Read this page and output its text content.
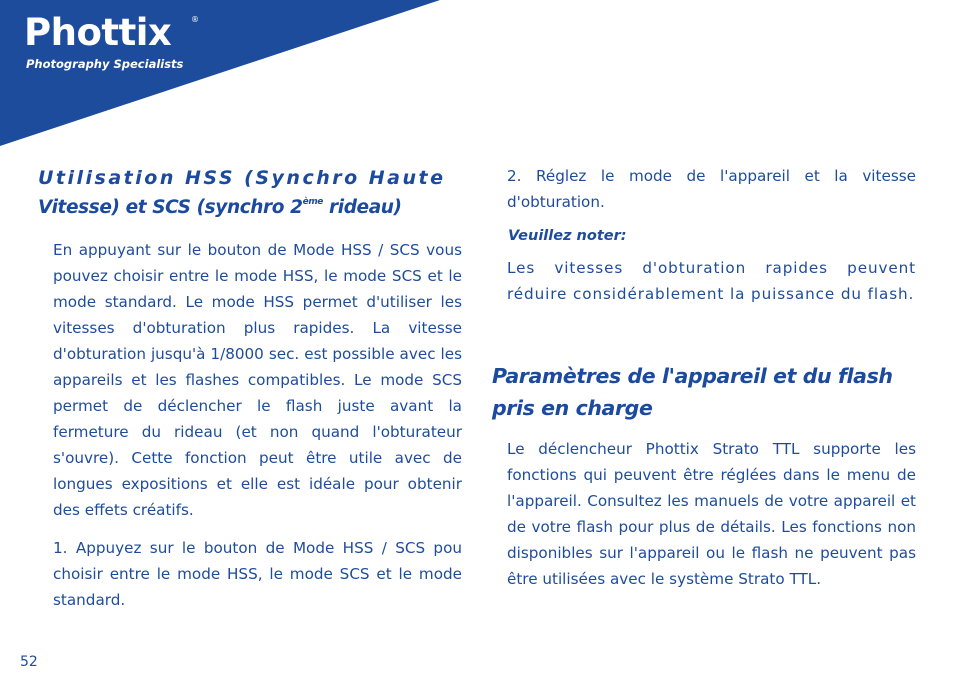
Phottix ®
Photography Specialists
Utilisation HSS (Synchro Haute
Vitesse) et SCS (synchro 2ème rideau)

En appuyant sur le bouton de Mode HSS / SCS vous pouvez choisir entre le mode HSS, le mode SCS et le mode standard. Le mode HSS permet d'utiliser les vitesses d'obturation plus rapides. La vitesse d'obturation jusqu'à 1/8000 sec. est possible avec les appareils et les flashes compatibles. Le mode SCS permet de déclencher le flash juste avant la fermeture du rideau (et non quand l'obturateur s'ouvre). Cette fonction peut être utile avec de longues expositions et elle est idéale pour obtenir des effets créatifs.

1. Appuyez sur le bouton de Mode HSS / SCS pou choisir entre le mode HSS, le mode SCS et le mode standard.

2. Réglez le mode de l'appareil et la vitesse d'obturation.

Veuillez noter:

Les vitesses d'obturation rapides peuvent réduire considérablement la puissance du flash.

Paramètres de l'appareil et du flash pris en charge

Le déclencheur Phottix Strato TTL supporte les fonctions qui peuvent être réglées dans le menu de l'appareil. Consultez les manuels de votre appareil et de votre flash pour plus de détails. Les fonctions non disponibles sur l'appareil ou le flash ne peuvent pas être utilisées avec le système Strato TTL.

52
